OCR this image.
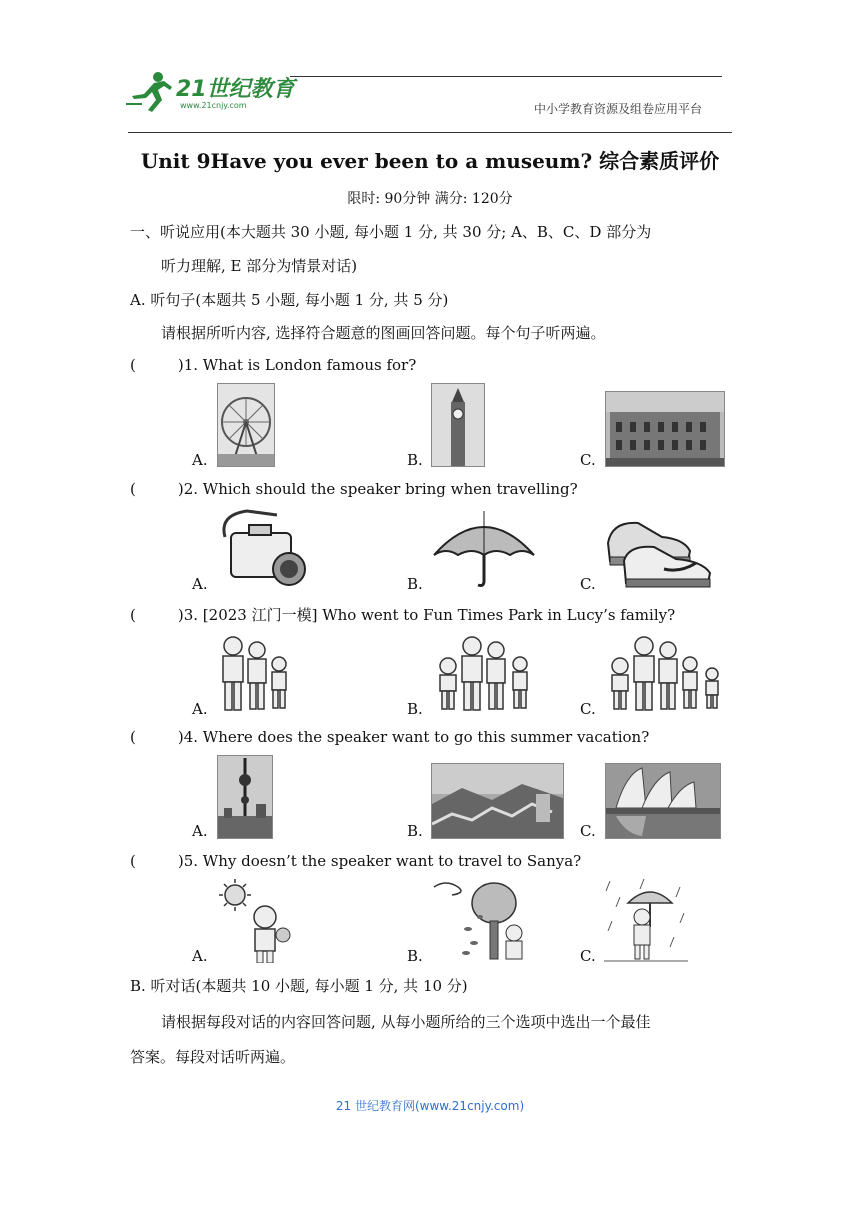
21世纪教育
www.21cnjy.com	中小学教育资源及组卷应用平台
Unit 9Have you ever been to a museum? 综合素质评价
限时: 90分钟 满分: 120分
一、听说应用(本大题共 30 小题, 每小题 1 分, 共 30 分; A、B、C、D 部分为
听力理解, E 部分为情景对话)
A. 听句子(本题共 5 小题, 每小题 1 分, 共 5 分)
请根据所听内容, 选择符合题意的图画回答问题。每个句子听两遍。
(	)1. What is London famous for?
A.	B.	C.
(	)2. Which should the speaker bring when travelling?
A.	B.	C.
(	)3. [2023 江门一模] Who went to Fun Times Park in Lucy’s family?
A.	B.	C.
(	)4. Where does the speaker want to go this summer vacation?
A.	B.	C.
(	)5. Why doesn’t the speaker want to travel to Sanya?
A.	B.	C.
B. 听对话(本题共 10 小题, 每小题 1 分, 共 10 分)
请根据每段对话的内容回答问题, 从每小题所给的三个选项中选出一个最佳
答案。每段对话听两遍。
21 世纪教育网(www.21cnjy.com)
